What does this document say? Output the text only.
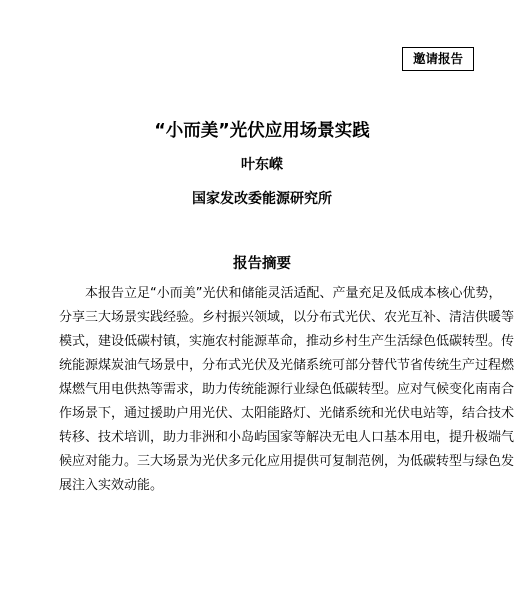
邀请报告
“小而美”光伏应用场景实践
叶东嵘
国家发改委能源研究所
报告摘要
本报告立足“小而美”光伏和储能灵活适配、产量充足及低成本核心优势，
分享三大场景实践经验。乡村振兴领域，以分布式光伏、农光互补、清洁供暖等
模式，建设低碳村镇，实施农村能源革命，推动乡村生产生活绿色低碳转型。传
统能源煤炭油气场景中，分布式光伏及光储系统可部分替代节省传统生产过程燃
煤燃气用电供热等需求，助力传统能源行业绿色低碳转型。应对气候变化南南合
作场景下，通过援助户用光伏、太阳能路灯、光储系统和光伏电站等，结合技术
转移、技术培训，助力非洲和小岛屿国家等解决无电人口基本用电，提升极端气
候应对能力。三大场景为光伏多元化应用提供可复制范例，为低碳转型与绿色发
展注入实效动能。
